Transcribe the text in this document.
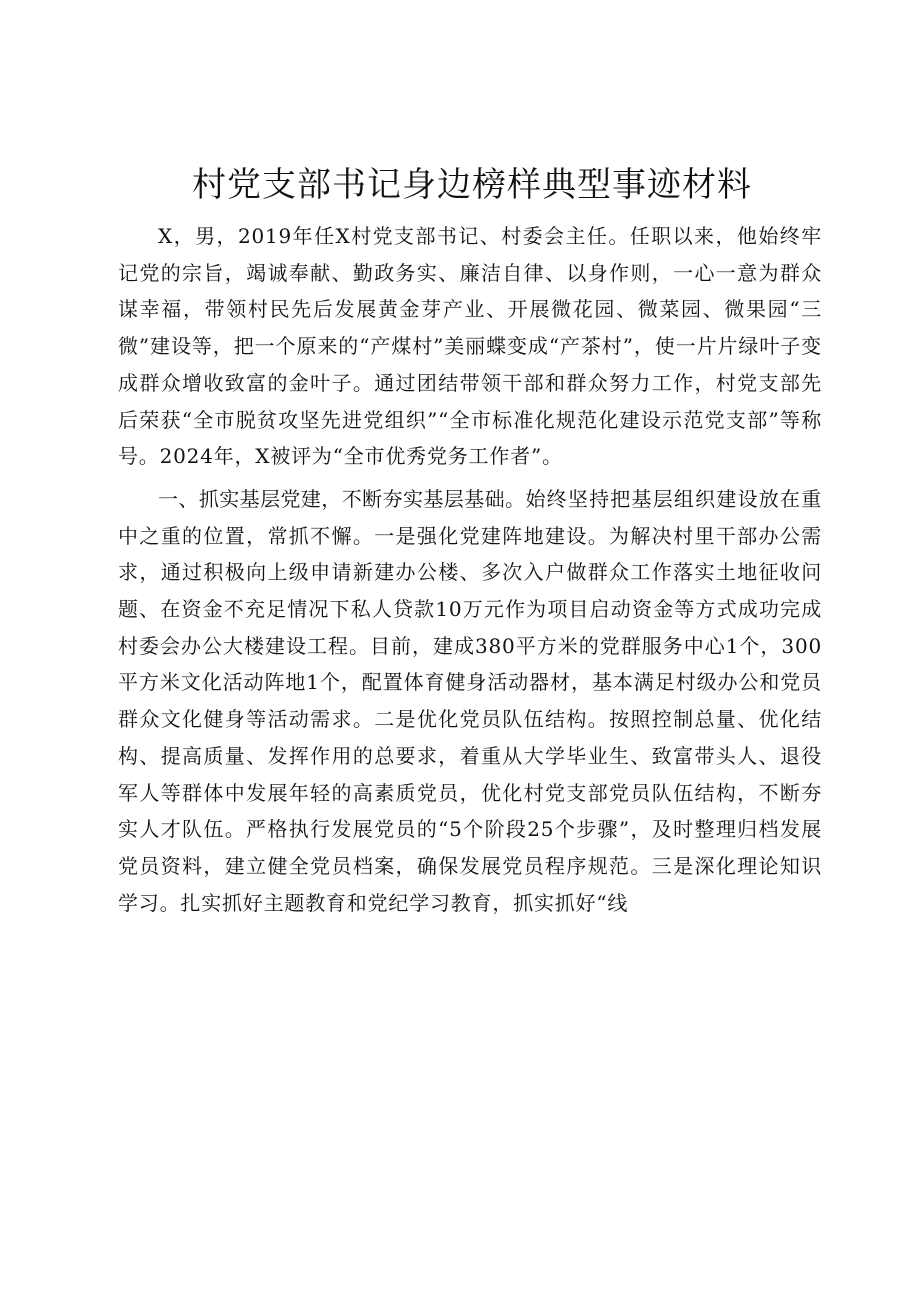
村党支部书记身边榜样典型事迹材料

X，男，2019年任X村党支部书记、村委会主任。任职以来，他始终牢记党的宗旨，竭诚奉献、勤政务实、廉洁自律、以身作则，一心一意为群众谋幸福，带领村民先后发展黄金芽产业、开展微花园、微菜园、微果园“三微”建设等，把一个原来的“产煤村”美丽蝶变成“产茶村”，使一片片绿叶子变成群众增收致富的金叶子。通过团结带领干部和群众努力工作，村党支部先后荣获“全市脱贫攻坚先进党组织”“全市标准化规范化建设示范党支部”等称号。2024年，X被评为“全市优秀党务工作者”。

一、抓实基层党建，不断夯实基层基础。始终坚持把基层组织建设放在重中之重的位置，常抓不懈。一是强化党建阵地建设。为解决村里干部办公需求，通过积极向上级申请新建办公楼、多次入户做群众工作落实土地征收问题、在资金不充足情况下私人贷款10万元作为项目启动资金等方式成功完成村委会办公大楼建设工程。目前，建成380平方米的党群服务中心1个，300平方米文化活动阵地1个，配置体育健身活动器材，基本满足村级办公和党员群众文化健身等活动需求。二是优化党员队伍结构。按照控制总量、优化结构、提高质量、发挥作用的总要求，着重从大学毕业生、致富带头人、退役军人等群体中发展年轻的高素质党员，优化村党支部党员队伍结构，不断夯实人才队伍。严格执行发展党员的“5个阶段25个步骤”，及时整理归档发展党员资料，建立健全党员档案，确保发展党员程序规范。三是深化理论知识学习。扎实抓好主题教育和党纪学习教育，抓实抓好“线
